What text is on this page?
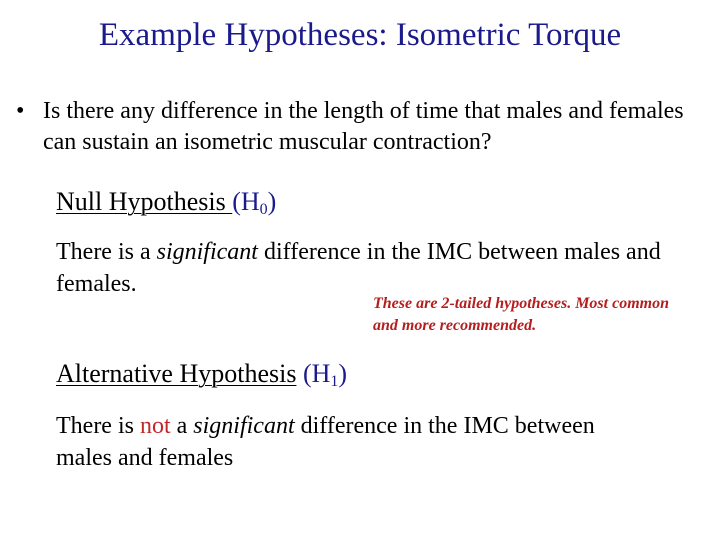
Example Hypotheses: Isometric Torque
• Is there any difference in the length of time that males and females can sustain an isometric muscular contraction?
Null Hypothesis $(H_0)$
There is a significant difference in the IMC between males and females.
These are 2-tailed hypotheses. Most common and more recommended.
Alternative Hypothesis $(H_1)$
There is not a significant difference in the IMC between males and females
